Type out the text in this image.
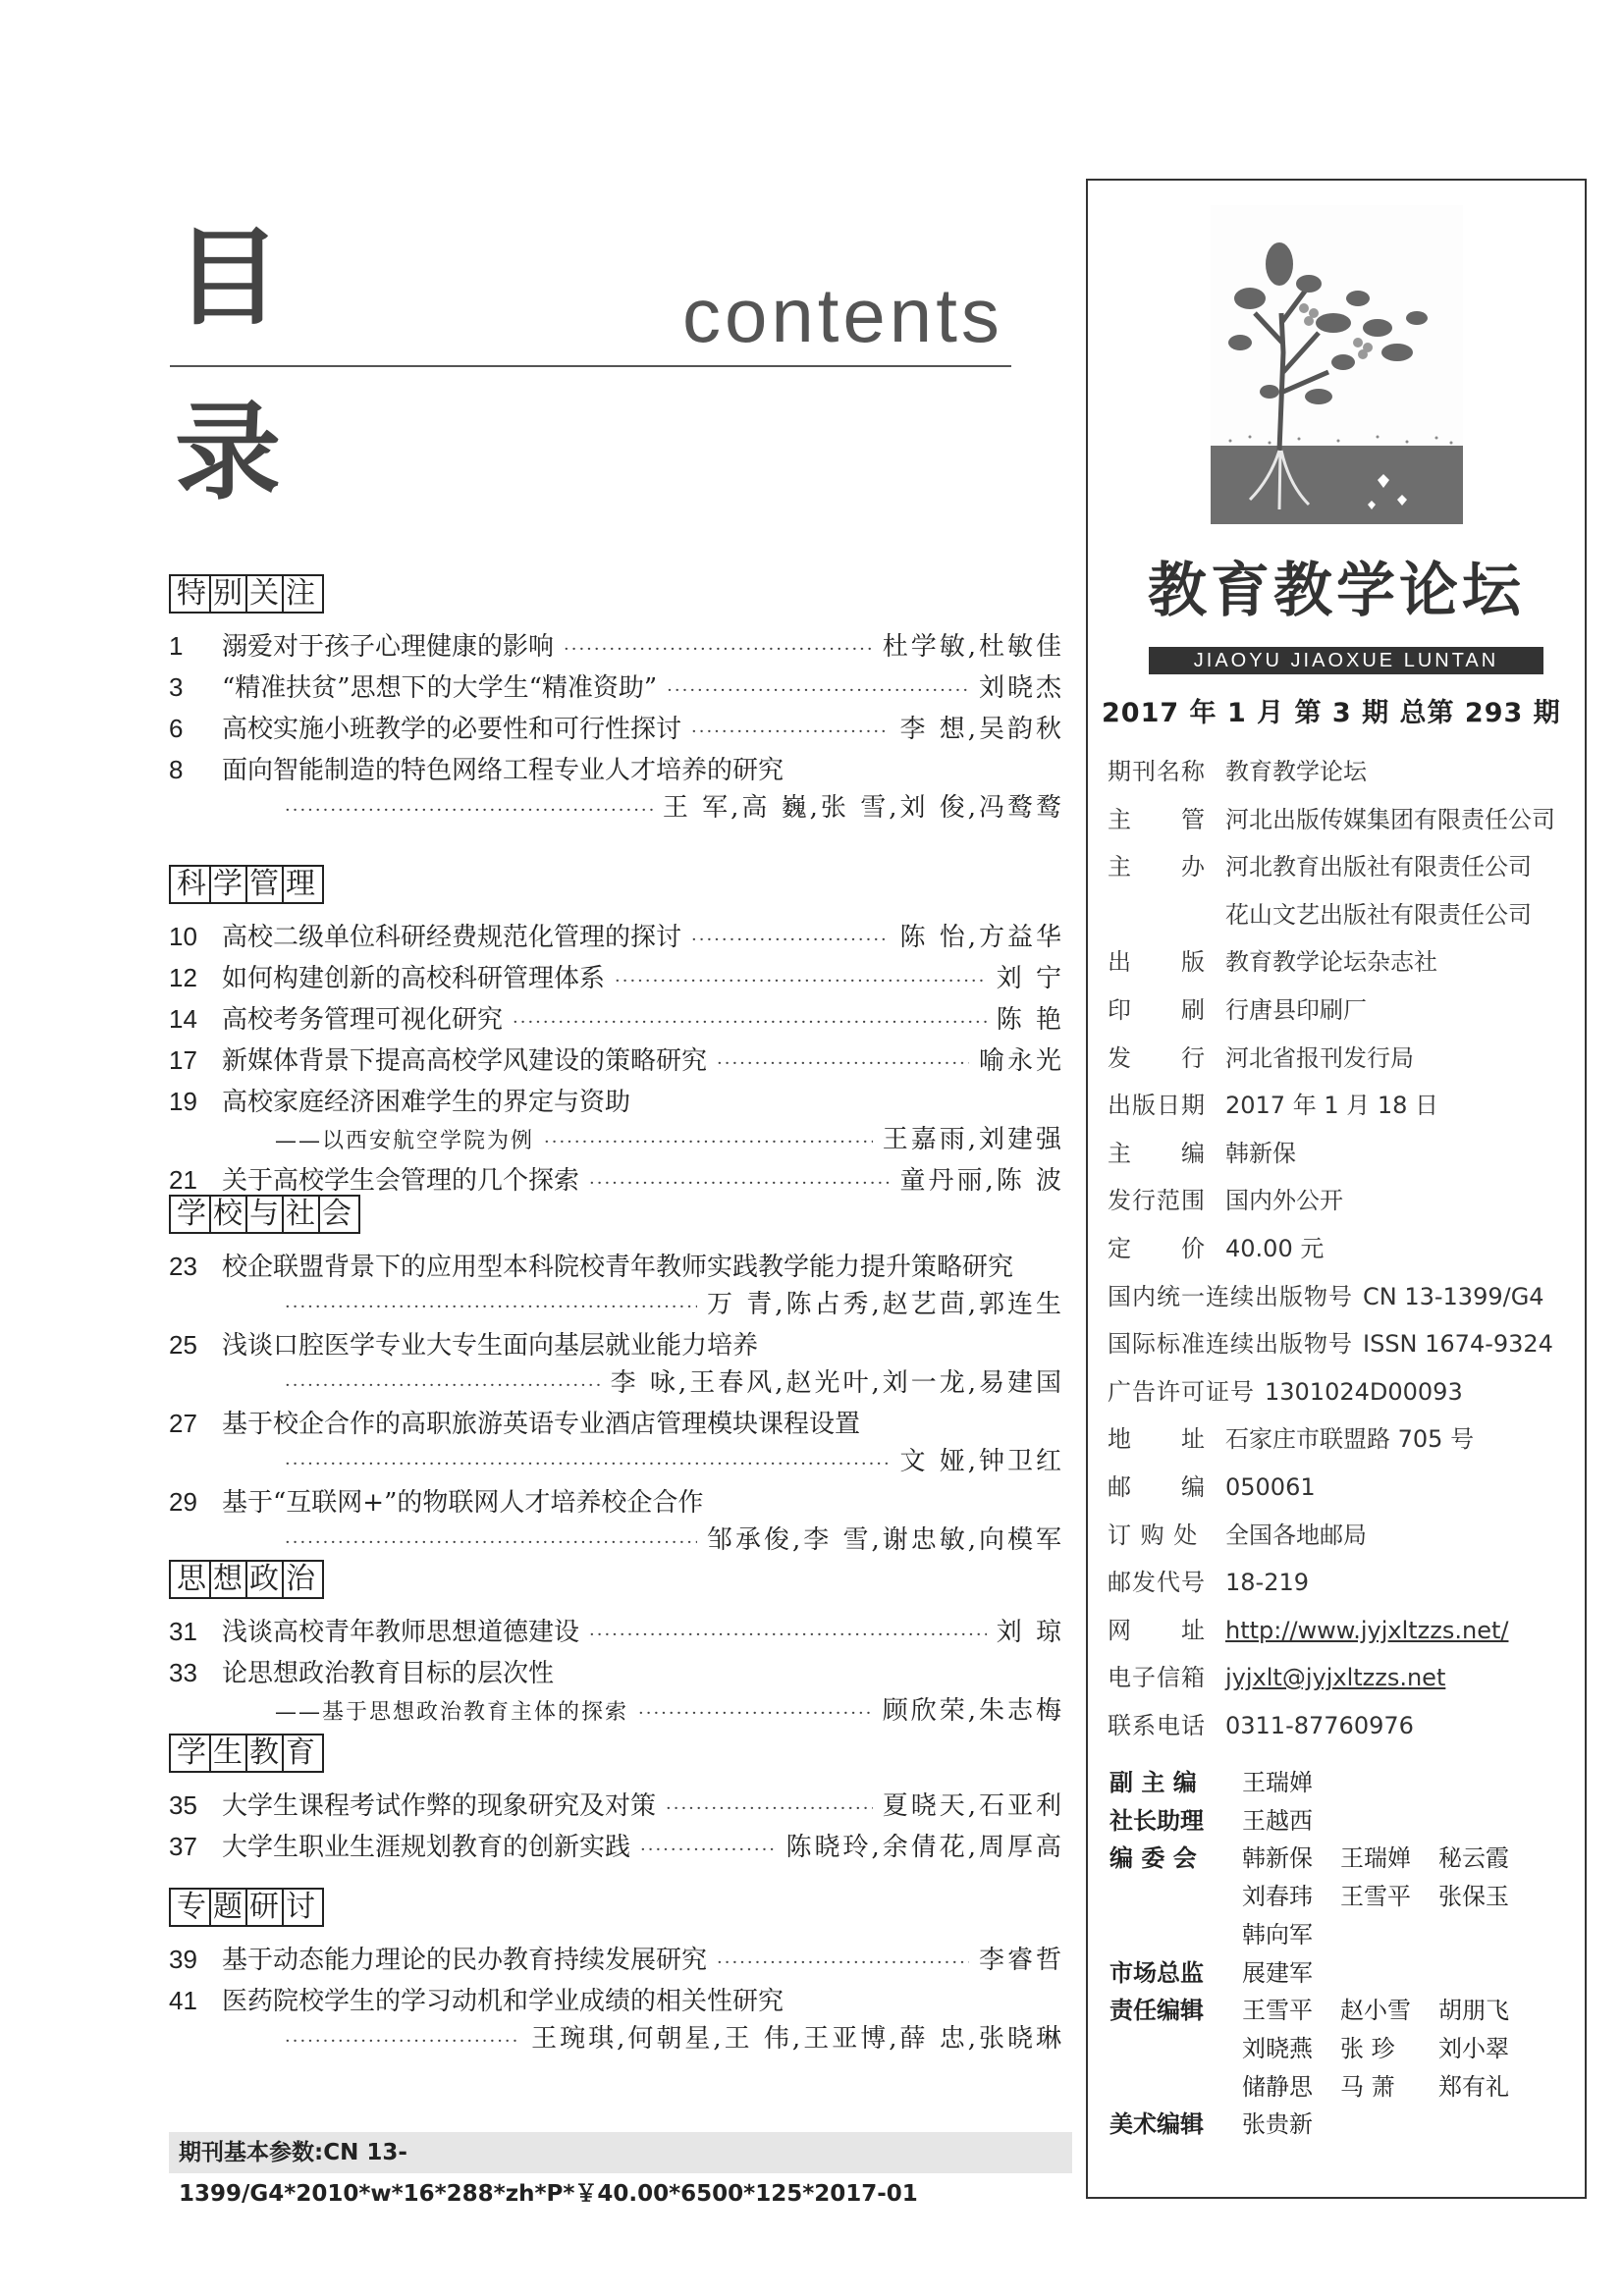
目
录
contents
特 别 关 注
1	溺爱对于孩子心理健康的影响 ·····	杜学敏,杜敏佳
3	“精准扶贫”思想下的大学生“精准资助” ·····	刘晓杰
6	高校实施小班教学的必要性和可行性探讨 ·····	李 想,吴韵秋
8	面向智能制造的特色网络工程专业人才培养的研究
·····
王 军,高 巍,张 雪,刘 俊,冯鹜鹜
科 学 管 理
10 高校二级单位科研经费规范化管理的探讨 ·····	陈 怡,方益华
12 如何构建创新的高校科研管理体系 ·····	刘 宁
14 高校考务管理可视化研究 ·····	陈 艳
17 新媒体背景下提高高校学风建设的策略研究 ·····	喻永光
19 高校家庭经济困难学生的界定与资助
——以西安航空学院为例 ·····	王嘉雨,刘建强
21 关于高校学生会管理的几个探索 ·····	童丹丽,陈 波
学 校 与 社 会
23 校企联盟背景下的应用型本科院校青年教师实践教学能力提升策略研究
·····
万 青,陈占秀,赵艺茴,郭连生
25 浅谈口腔医学专业大专生面向基层就业能力培养
·····
李 咏,王春风,赵光叶,刘一龙,易建国
27 基于校企合作的高职旅游英语专业酒店管理模块课程设置
·····
文 娅,钟卫红
29 基于“互联网+”的物联网人才培养校企合作
·····
邹承俊,李 雪,谢忠敏,向模军
思 想 政 治
31 浅谈高校青年教师思想道德建设 ·····	刘 琼
33 论思想政治教育目标的层次性
——基于思想政治教育主体的探索 ·····	顾欣荣,朱志梅
学 生 教 育
35 大学生课程考试作弊的现象研究及对策 ·····	夏晓天,石亚利
37 大学生职业生涯规划教育的创新实践 ·····	陈晓玲,余倩花,周厚高
专 题 研 讨
39 基于动态能力理论的民办教育持续发展研究 ·····	李睿哲
41 医药院校学生的学习动机和学业成绩的相关性研究
·····
王琬琪,何朝星,王 伟,王亚博,薛 忠,张晓琳
期刊基本参数:CN 13-1399/G4*2010*w*16*288*zh*P*￥40.00*6500*125*2017-01
教育教学论坛
JIAOYU JIAOXUE LUNTAN
2017 年 1 月 第 3 期 总第 293 期
期刊名称 教育教学论坛
主　　管 河北出版传媒集团有限责任公司
主　　办 河北教育出版社有限责任公司
花山文艺出版社有限责任公司
出　　版 教育教学论坛杂志社
印　　刷 行唐县印刷厂
发　　行 河北省报刊发行局
出版日期 2017 年 1 月 18 日
主　　编 韩新保
发行范围 国内外公开
定　　价 40.00 元
国内统一连续出版物号 CN 13-1399/G4
国际标准连续出版物号 ISSN 1674-9324
广告许可证号 1301024D00093
地　　址 石家庄市联盟路 705 号
邮　　编 050061
订 购 处	全国各地邮局
邮发代号 18-219
网　　址 http://www.jyjxltzzs.net/
电子信箱 jyjxlt@jyjxltzzs.net
联系电话 0311-87760976
副 主 编	王瑞婵
社长助理	王越西
编 委 会	韩新保	王瑞婵	秘云霞
刘春玮	王雪平	张保玉
韩向军
市场总监	展建军
责任编辑	王雪平	赵小雪	胡朋飞
刘晓燕	张 珍	刘小翠
储静思	马 萧	郑有礼
美术编辑	张贵新
